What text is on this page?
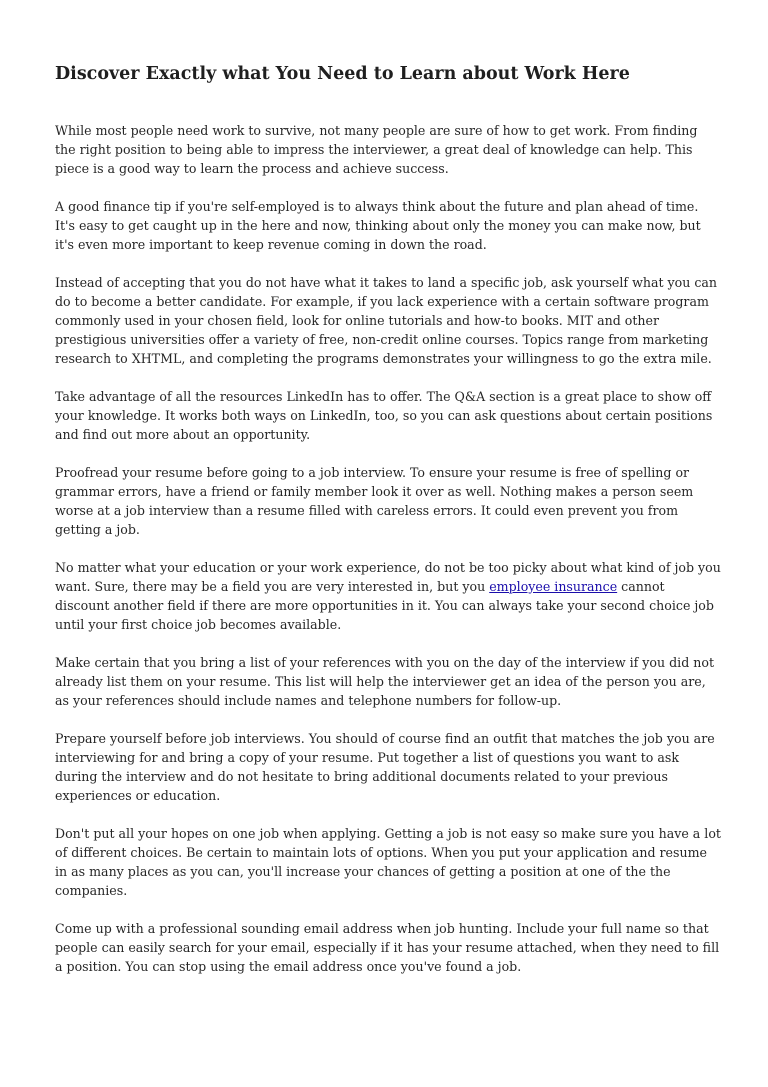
Discover Exactly what You Need to Learn about Work Here

While most people need work to survive, not many people are sure of how to get work. From finding the right position to being able to impress the interviewer, a great deal of knowledge can help. This piece is a good way to learn the process and achieve success.

A good finance tip if you're self-employed is to always think about the future and plan ahead of time. It's easy to get caught up in the here and now, thinking about only the money you can make now, but it's even more important to keep revenue coming in down the road.

Instead of accepting that you do not have what it takes to land a specific job, ask yourself what you can do to become a better candidate. For example, if you lack experience with a certain software program commonly used in your chosen field, look for online tutorials and how-to books. MIT and other prestigious universities offer a variety of free, non-credit online courses. Topics range from marketing research to XHTML, and completing the programs demonstrates your willingness to go the extra mile.

Take advantage of all the resources LinkedIn has to offer. The Q&A section is a great place to show off your knowledge. It works both ways on LinkedIn, too, so you can ask questions about certain positions and find out more about an opportunity.

Proofread your resume before going to a job interview. To ensure your resume is free of spelling or grammar errors, have a friend or family member look it over as well. Nothing makes a person seem worse at a job interview than a resume filled with careless errors. It could even prevent you from getting a job.

No matter what your education or your work experience, do not be too picky about what kind of job you want. Sure, there may be a field you are very interested in, but you employee insurance cannot discount another field if there are more opportunities in it. You can always take your second choice job until your first choice job becomes available.

Make certain that you bring a list of your references with you on the day of the interview if you did not already list them on your resume. This list will help the interviewer get an idea of the person you are, as your references should include names and telephone numbers for follow-up.

Prepare yourself before job interviews. You should of course find an outfit that matches the job you are interviewing for and bring a copy of your resume. Put together a list of questions you want to ask during the interview and do not hesitate to bring additional documents related to your previous experiences or education.

Don't put all your hopes on one job when applying. Getting a job is not easy so make sure you have a lot of different choices. Be certain to maintain lots of options. When you put your application and resume in as many places as you can, you'll increase your chances of getting a position at one of the the companies.

Come up with a professional sounding email address when job hunting. Include your full name so that people can easily search for your email, especially if it has your resume attached, when they need to fill a position. You can stop using the email address once you've found a job.
